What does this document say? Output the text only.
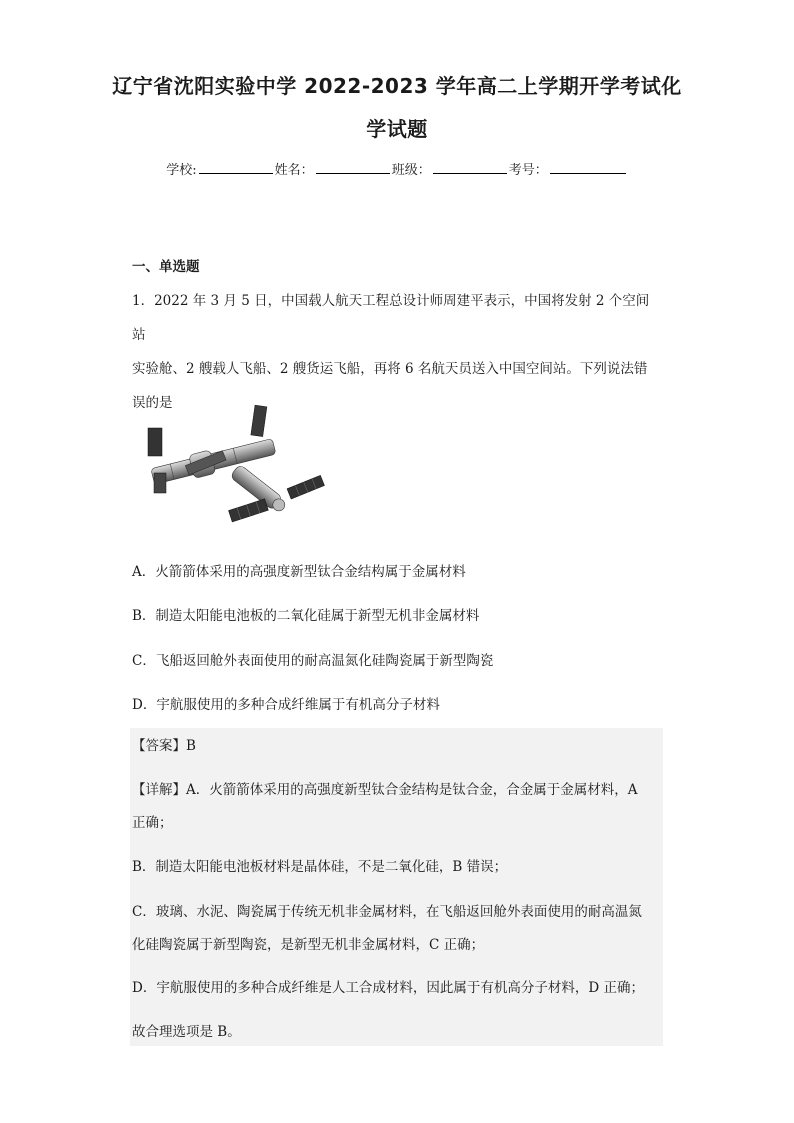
辽宁省沈阳实验中学 2022-2023 学年高二上学期开学考试化
学试题
学校:	姓名：	班级：	考号：
一、单选题
1．2022 年 3 月 5 日，中国载人航天工程总设计师周建平表示，中国将发射 2 个空间站
实验舱、2 艘载人飞船、2 艘货运飞船，再将 6 名航天员送入中国空间站。下列说法错
误的是
A．火箭箭体采用的高强度新型钛合金结构属于金属材料
B．制造太阳能电池板的二氧化硅属于新型无机非金属材料
C．飞船返回舱外表面使用的耐高温氮化硅陶瓷属于新型陶瓷
D．宇航服使用的多种合成纤维属于有机高分子材料
【答案】B
【详解】A．火箭箭体采用的高强度新型钛合金结构是钛合金，合金属于金属材料，A
正确；
B．制造太阳能电池板材料是晶体硅，不是二氧化硅，B 错误；
C．玻璃、水泥、陶瓷属于传统无机非金属材料，在飞船返回舱外表面使用的耐高温氮
化硅陶瓷属于新型陶瓷，是新型无机非金属材料，C 正确；
D．宇航服使用的多种合成纤维是人工合成材料，因此属于有机高分子材料，D 正确；
故合理选项是 B。
